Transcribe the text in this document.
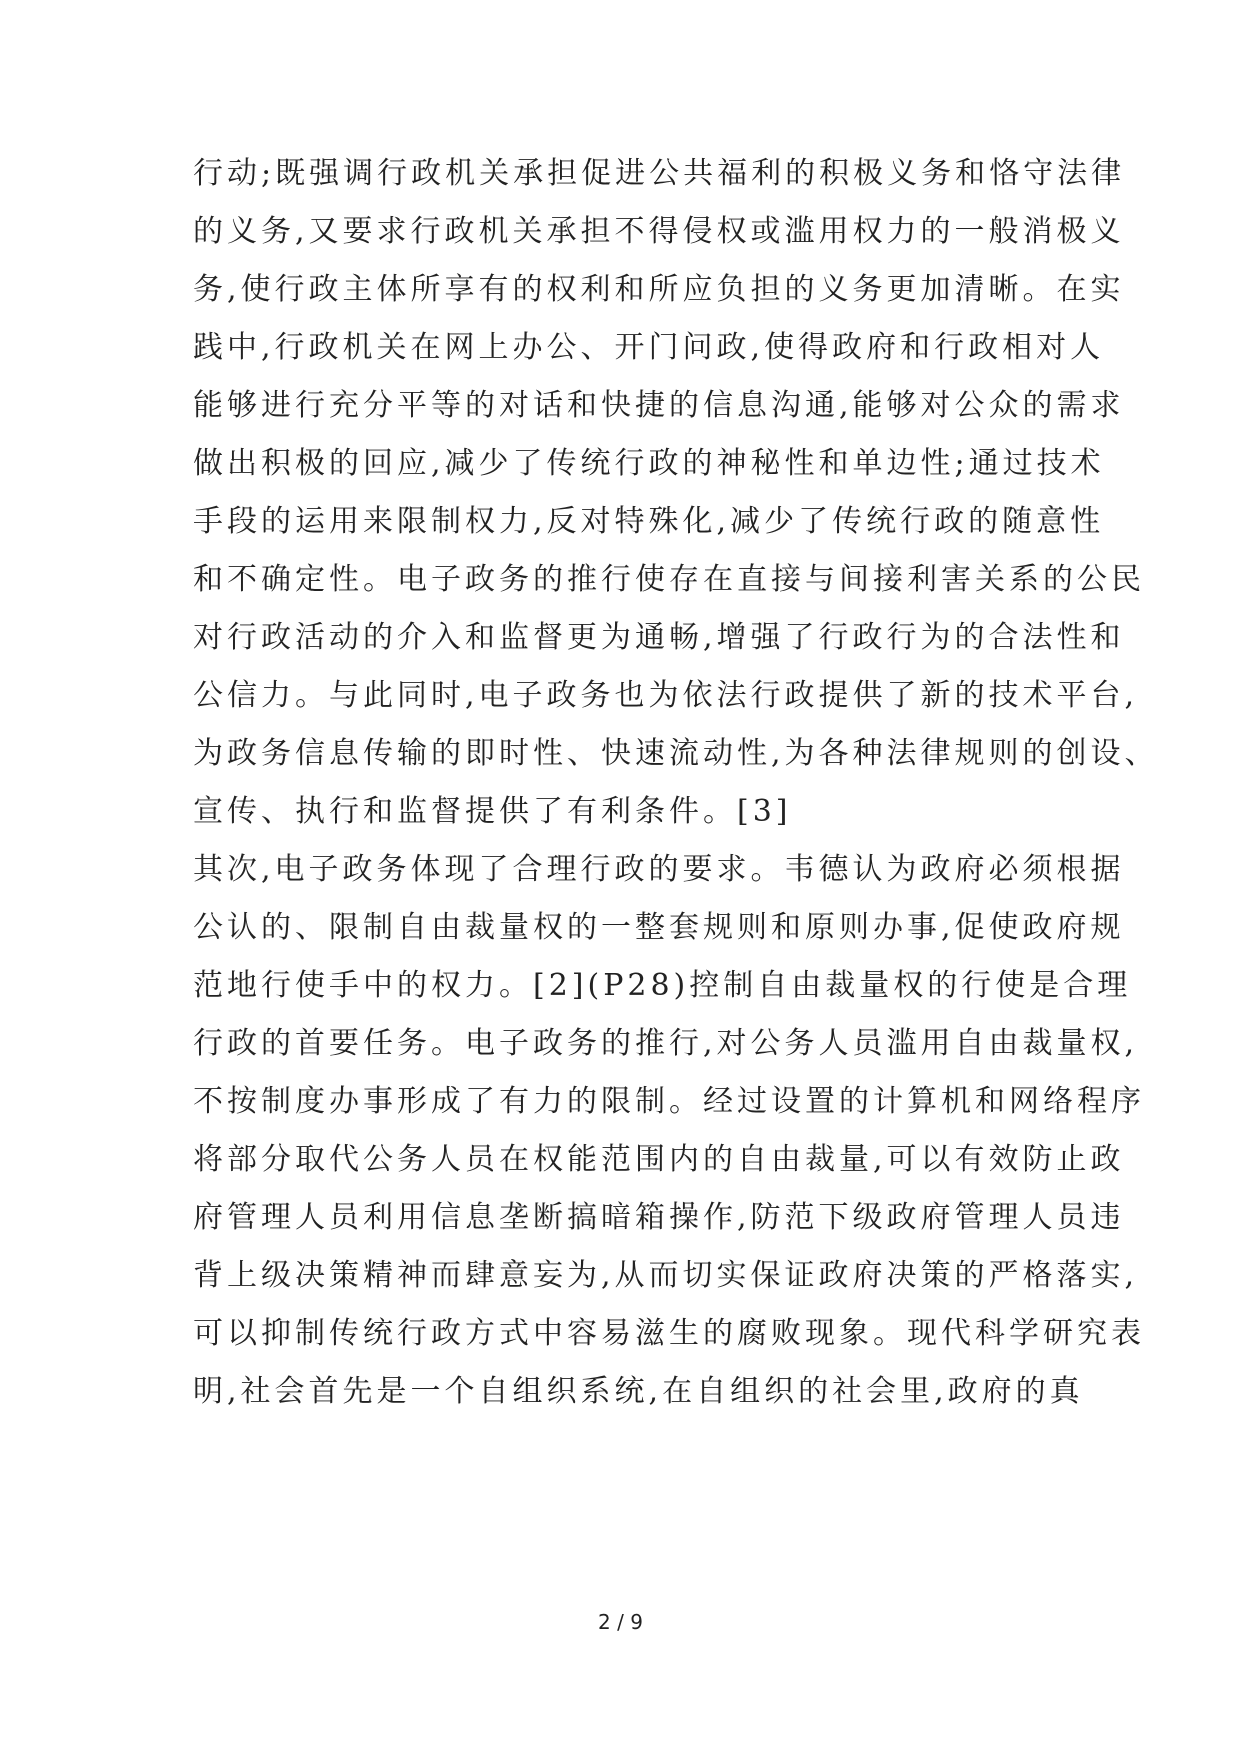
行动;既强调行政机关承担促进公共福利的积极义务和恪守法律
的义务,又要求行政机关承担不得侵权或滥用权力的一般消极义
务,使行政主体所享有的权利和所应负担的义务更加清晰。在实
践中,行政机关在网上办公、开门问政,使得政府和行政相对人
能够进行充分平等的对话和快捷的信息沟通,能够对公众的需求
做出积极的回应,减少了传统行政的神秘性和单边性;通过技术
手段的运用来限制权力,反对特殊化,减少了传统行政的随意性
和不确定性。电子政务的推行使存在直接与间接利害关系的公民
对行政活动的介入和监督更为通畅,增强了行政行为的合法性和
公信力。与此同时,电子政务也为依法行政提供了新的技术平台,
为政务信息传输的即时性、快速流动性,为各种法律规则的创设、
宣传、执行和监督提供了有利条件。[3]
其次,电子政务体现了合理行政的要求。韦德认为政府必须根据
公认的、限制自由裁量权的一整套规则和原则办事,促使政府规
范地行使手中的权力。[2](P28)控制自由裁量权的行使是合理
行政的首要任务。电子政务的推行,对公务人员滥用自由裁量权,
不按制度办事形成了有力的限制。经过设置的计算机和网络程序
将部分取代公务人员在权能范围内的自由裁量,可以有效防止政
府管理人员利用信息垄断搞暗箱操作,防范下级政府管理人员违
背上级决策精神而肆意妄为,从而切实保证政府决策的严格落实,
可以抑制传统行政方式中容易滋生的腐败现象。现代科学研究表
明,社会首先是一个自组织系统,在自组织的社会里,政府的真
2 / 9
